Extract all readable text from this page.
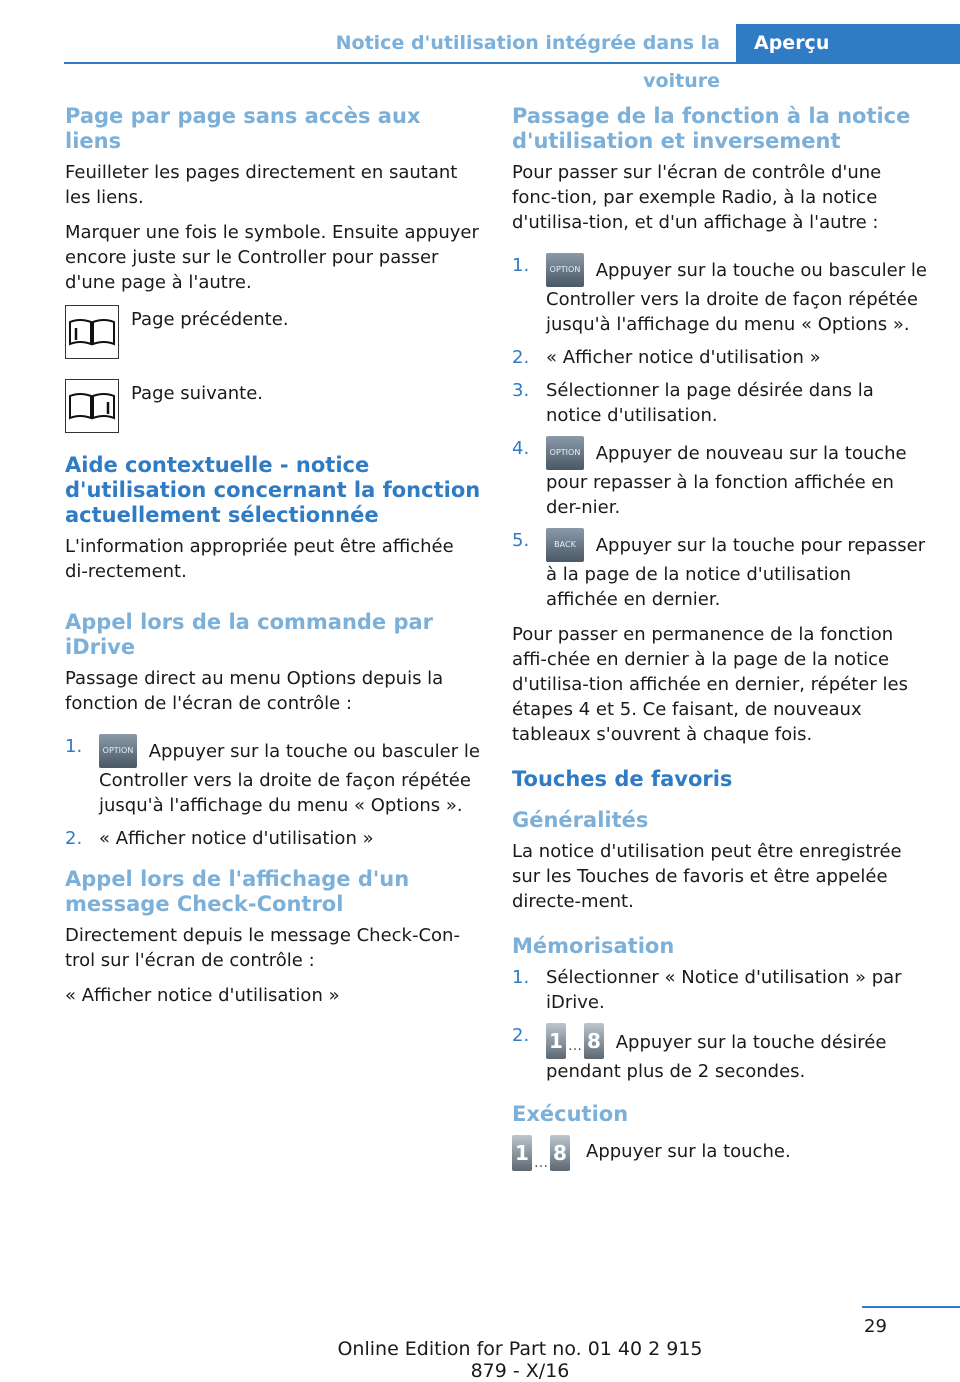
Notice d'utilisation intégrée dans la voiture
Aperçu
Page par page sans accès aux liens

Feuilleter les pages directement en sautant les liens.

Marquer une fois le symbole. Ensuite appuyer encore juste sur le Controller pour passer d'une page à l'autre.

Page précédente.

Page suivante.

Aide contextuelle - notice d'utilisation concernant la fonction actuellement sélectionnée

L'information appropriée peut être affichée di-rectement.

Appel lors de la commande par iDrive

Passage direct au menu Options depuis la fonction de l'écran de contrôle :

1.	OPTION Appuyer sur la touche ou basculer le Controller vers la droite de façon répétée jusqu'à l'affichage du menu « Options ».
2. « Afficher notice d'utilisation »
Appel lors de l'affichage d'un message Check-Control

Directement depuis le message Check-Con-trol sur l'écran de contrôle :

« Afficher notice d'utilisation »

Passage de la fonction à la notice d'utilisation et inversement

Pour passer sur l'écran de contrôle d'une fonc-tion, par exemple Radio, à la notice d'utilisa-tion, et d'un affichage à l'autre :

1.	OPTION Appuyer sur la touche ou basculer le Controller vers la droite de façon répétée jusqu'à l'affichage du menu « Options ».
2. « Afficher notice d'utilisation »
3. Sélectionner la page désirée dans la notice d'utilisation.
4.	OPTION Appuyer de nouveau sur la touche pour repasser à la fonction affichée en der-nier.
5.	BACK Appuyer sur la touche pour repasser à la page de la notice d'utilisation affichée en dernier.

Pour passer en permanence de la fonction affi-chée en dernier à la page de la notice d'utilisa-tion affichée en dernier, répéter les étapes 4 et 5. Ce faisant, de nouveaux tableaux s'ouvrent à chaque fois.

Touches de favoris
Généralités

La notice d'utilisation peut être enregistrée sur les Touches de favoris et être appelée directe-ment.

Mémorisation
1. Sélectionner « Notice d'utilisation » par iDrive.
2. 1 … 8 Appuyer sur la touche désirée pendant plus de 2 secondes.
Exécution
1 … 8 Appuyer sur la touche.

29
Online Edition for Part no. 01 40 2 915 879 - X/16
